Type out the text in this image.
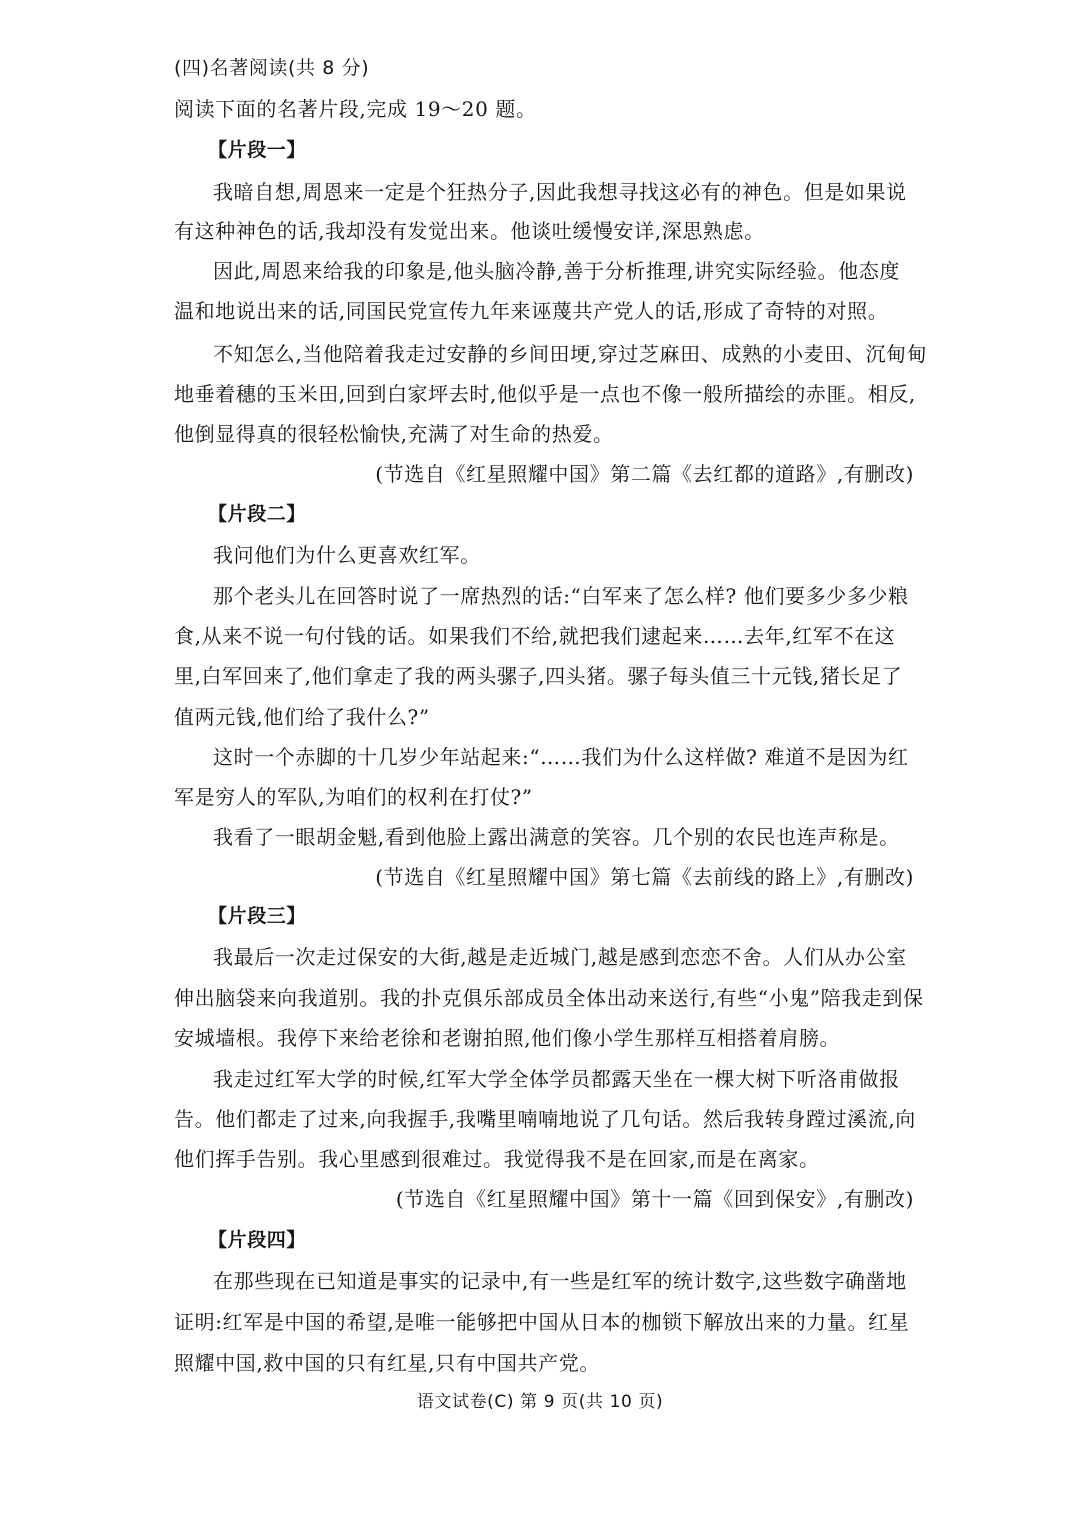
(四)名著阅读(共 8 分)
阅读下面的名著片段,完成 19～20 题。
【片段一】
我暗自想,周恩来一定是个狂热分子,因此我想寻找这必有的神色。但是如果说
有这种神色的话,我却没有发觉出来。他谈吐缓慢安详,深思熟虑。
因此,周恩来给我的印象是,他头脑冷静,善于分析推理,讲究实际经验。他态度
温和地说出来的话,同国民党宣传九年来诬蔑共产党人的话,形成了奇特的对照。
不知怎么,当他陪着我走过安静的乡间田埂,穿过芝麻田、成熟的小麦田、沉甸甸
地垂着穗的玉米田,回到白家坪去时,他似乎是一点也不像一般所描绘的赤匪。相反,
他倒显得真的很轻松愉快,充满了对生命的热爱。
(节选自《红星照耀中国》第二篇《去红都的道路》,有删改)
【片段二】
我问他们为什么更喜欢红军。
那个老头儿在回答时说了一席热烈的话:“白军来了怎么样? 他们要多少多少粮
食,从来不说一句付钱的话。如果我们不给,就把我们逮起来……去年,红军不在这
里,白军回来了,他们拿走了我的两头骡子,四头猪。骡子每头值三十元钱,猪长足了
值两元钱,他们给了我什么?”
这时一个赤脚的十几岁少年站起来:“……我们为什么这样做? 难道不是因为红
军是穷人的军队,为咱们的权利在打仗?”
我看了一眼胡金魁,看到他脸上露出满意的笑容。几个别的农民也连声称是。
(节选自《红星照耀中国》第七篇《去前线的路上》,有删改)
【片段三】
我最后一次走过保安的大街,越是走近城门,越是感到恋恋不舍。人们从办公室
伸出脑袋来向我道别。我的扑克俱乐部成员全体出动来送行,有些“小鬼”陪我走到保
安城墙根。我停下来给老徐和老谢拍照,他们像小学生那样互相搭着肩膀。
我走过红军大学的时候,红军大学全体学员都露天坐在一棵大树下听洛甫做报
告。他们都走了过来,向我握手,我嘴里喃喃地说了几句话。然后我转身蹚过溪流,向
他们挥手告别。我心里感到很难过。我觉得我不是在回家,而是在离家。
(节选自《红星照耀中国》第十一篇《回到保安》,有删改)
【片段四】
在那些现在已知道是事实的记录中,有一些是红军的统计数字,这些数字确凿地
证明:红军是中国的希望,是唯一能够把中国从日本的枷锁下解放出来的力量。红星
照耀中国,救中国的只有红星,只有中国共产党。
语文试卷(C) 第 9 页(共 10 页)
